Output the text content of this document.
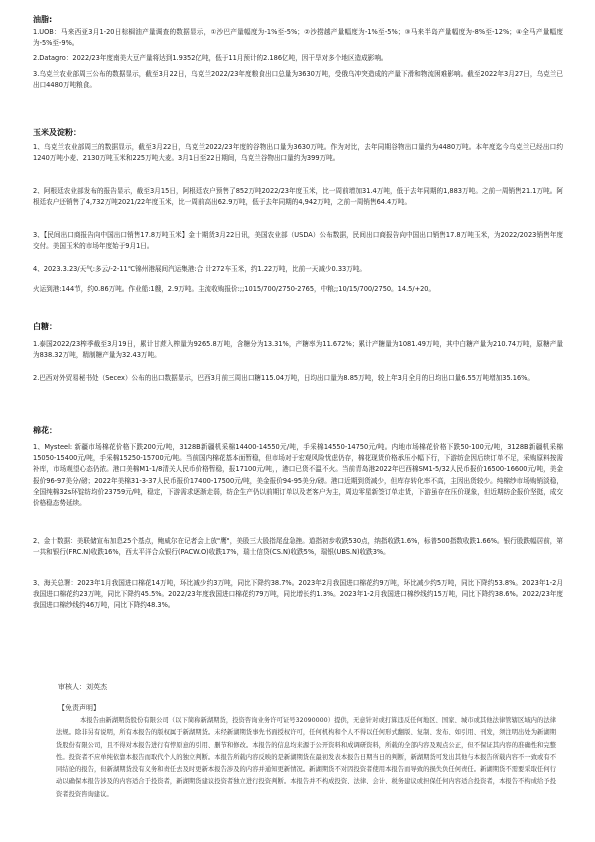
油脂:
1.UOB：马来西亚3月1-20日棕榈油产量调查的数据显示，①沙巴产量幅度为-1%至-5%；②沙捞越产量幅度为-1%至-5%；③马来半岛产量幅度为-8%至-12%；④全马产量幅度为-5%至-9%。
2.Datagro：2022/23年度南美大豆产量将达到1.9352亿吨，低于11月预计的2.186亿吨，因干旱对多个地区造成影响。
3.乌克兰农业部周三公布的数据显示，截至3月22日，乌克兰2022/23年度粮食出口总量为3630万吨，受俄乌冲突造成的产量下滑和物流困难影响。截至2022年3月27日，乌克兰已出口4480万吨粮食。
玉米及淀粉：
1、乌克兰农业部周三的数据显示，截至3月22日，乌克兰2022/23年度的谷物出口量为3630万吨。作为对比，去年同期谷物出口量约为4480万吨。本年度迄今乌克兰已经出口约1240万吨小麦、2130万吨玉米和225万吨大麦。3月1日至22日期间，乌克兰谷物出口量约为399万吨。
2、阿根廷农业部发布的报告显示，截至3月15日，阿根廷农户预售了852万吨2022/23年度玉米，比一周前增加31.4万吨，低于去年同期的1,883万吨。之前一周销售21.1万吨。阿根廷农户还销售了4,732万吨2021/22年度玉米，比一周前高出62.9万吨，低于去年同期的4,942万吨，之前一周销售64.4万吨。
3、【民间出口商报告向中国出口销售17.8万吨玉米】金十期货3月22日讯，美国农业部（USDA）公布数据，民间出口商报告向中国出口销售17.8万吨玉米，为2022/2023销售年度交付。美国玉米的市场年度始于9月1日。
4、2023.3.23/天气:多云/-2-11℃锦州港展间汽运集港:合 计272车玉米，约1.22万吨，比前一天减少0.33万吨。
火运到港:144节，约0.86万吨。作业船:1艘，2.9万吨。主流收购报价:;;1015/700/2750-2765，中粮;;10/15/700/2750。14.5/+20。
白糖：
1.泰国2022/23榨季截至3月19日，累计甘蔗入榨量为9265.8万吨，含糖分为13.31%，产糖率为11.672%；累计产糖量为1081.49万吨，其中白糖产量为210.74万吨，原糖产量为838.32万吨，精制糖产量为32.43万吨。
2.巴西对外贸易秘书处（Secex）公布的出口数据显示，巴西3月前三周出口糖115.04万吨，日均出口量为8.85万吨，较上年3月全月的日均出口量6.55万吨增加35.16%。
棉花：
1、Mysteel: 新疆市场棉花价格下跌200元/吨，3128B新疆机采棉14400-14550元/吨，手采棉14550-14750元/吨。内地市场棉花价格下跌50-100元/吨，3128B新疆机采棉15050-15400元/吨，手采棉15250-15700元/吨。当前国内棉花基本面暂稳，但市场对于宏观风险忧虑仍存，棉花现货价格承压小幅下行，下游纺企因后续订单不足，采购原料按需补库，市场观望心态仍浓。港口美棉M1-1/8清关人民币价格暂稳，报17100元/吨，，港口已货不温不火。当前青岛港2022年巴西棉SM1-5/32人民币报价16500-16600元/吨，美金报价96-97美分/磅；2022年美棉31-3-37人民币报价17400-17500元/吨，美金报价94-95美分/磅。港口近期到货减少，但库存转化率不高，主因出货较少。纯棉纱市场购销淡稳，全国纯棉32s环锭纺均价23759元/吨，稳定，下游需求逐渐走弱，纺企生产仍以前期订单以及老客户为主，周边零星新签订单走货，下游虽存在压价现象，但近期纺企报价坚挺，成交价格稳态势延续。
2、金十数据：美联储宣布加息25个基点，鲍威尔在记者会上放"鹰"，美股三大股指尾盘急挫。道指初步收跌530点，纳指收跌1.6%，标普500指数收跌1.66%。银行股跌幅居前，第一共和银行(FRC.N)收跌16%，西太平洋合众银行(PACW.O)收跌17%，瑞士信贷(CS.N)收跌5%，瑞银(UBS.N)收跌3%。
3、海关总署：2023年1月我国进口棉花14万吨，环比减少约3万吨，同比下降约38.7%。2023年2月我国进口棉花约9万吨，环比减少约5万吨，同比下降约53.8%。2023年1-2月我国进口棉花约23万吨，同比下降约45.5%。2022/23年度我国进口棉花约79万吨，同比增长约1.3%。2023年1-2月我国进口棉纱线约15万吨，同比下降约38.6%。2022/23年度我国进口棉纱线约46万吨，同比下降约48.3%。
审核人：刘英杰
【免责声明】
本报告由新湖期货股份有限公司（以下简称新湖期货，投资咨询业务许可证号32090000）提供，无意针对或打算违反任何地区、国家、城市或其他法律管辖区域内的法律法规。除非另有说明，所有本报告的版权属于新湖期货。未经新湖期货事先书面授权许可，任何机构和个人不得以任何形式翻版、复制、发布、如引用、刊发，须注明出处为新湖期货股份有限公司，且不得对本报告进行有悖原意的引用、删节和修改。本报告的信息均来源于公开资料和成调研资料，所载的全部内容及观点公正，但不保证其内容的准确性和完整性。投资者不应单纯依靠本报告而取代个人的独立判断。本报告所载内容反映的是新湖期货在最初发表本报告日期当日的判断，新湖期货可发出其他与本报告所载内容不一致或有不同结论的报告，但新湖期货没有义务和责任去及时更新本报告涉及的内容并通知更新情况。新湖期货不对因投资者使用本报告而导致的损失负任何责任。新湖期货不需要采取任何行动以确保本报告涉及的内容适合于投资者，新湖期货建议投资者独立进行投资判断。本报告并不构成投资、法律、会计、税务建议或担保任何内容适合投资者，本报告不构成给予投资者投资咨询建议。
